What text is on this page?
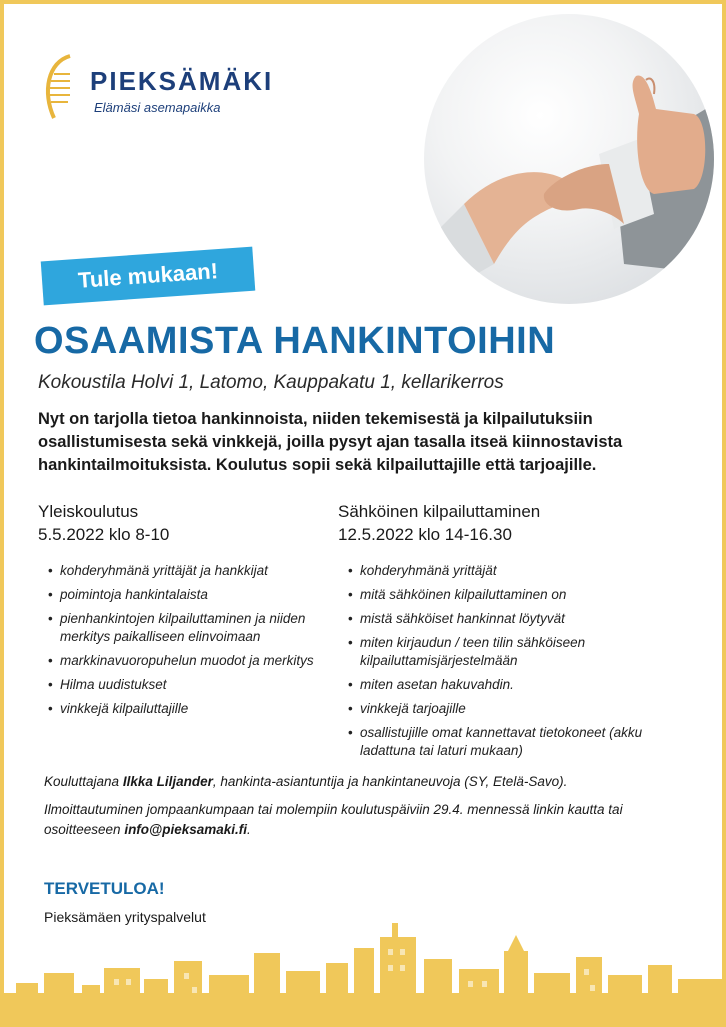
PIEKSÄMÄKI
Elämäsi asemapaikka
Tule mukaan!
OSAAMISTA HANKINTOIHIN
Kokoustila Holvi 1, Latomo, Kauppakatu 1, kellarikerros
Nyt on tarjolla tietoa hankinnoista, niiden tekemisestä ja kilpailutuksiin osallistumisesta sekä vinkkejä, joilla pysyt ajan tasalla itseä kiinnostavista hankintailmoituksista. Koulutus sopii sekä kilpailuttajille että tarjoajille.
Yleiskoulutus
5.5.2022 klo 8-10
• kohderyhmänä yrittäjät ja hankkijat
• poimintoja hankintalaista
• pienhankintojen kilpailuttaminen ja niiden merkitys paikalliseen elinvoimaan
• markkinavuoropuhelun muodot ja merkitys
• Hilma uudistukset
• vinkkejä kilpailuttajille
Sähköinen kilpailuttaminen
12.5.2022 klo 14-16.30
• kohderyhmänä yrittäjät
• mitä sähköinen kilpailuttaminen on
• mistä sähköiset hankinnat löytyvät
• miten kirjaudun / teen tilin sähköiseen kilpailuttamisjärjestelmään
• miten asetan hakuvahdin.
• vinkkejä tarjoajille
• osallistujille omat kannettavat tietokoneet (akku ladattuna tai laturi mukaan)
Kouluttajana Ilkka Liljander, hankinta-asiantuntija ja hankintaneuvoja (SY, Etelä-Savo).
Ilmoittautuminen jompaankumpaan tai molempiin koulutuspäiviin 29.4. mennessä linkin kautta tai osoitteeseen info@pieksamaki.fi.
TERVETULOA!
Pieksämäen yrityspalvelut
